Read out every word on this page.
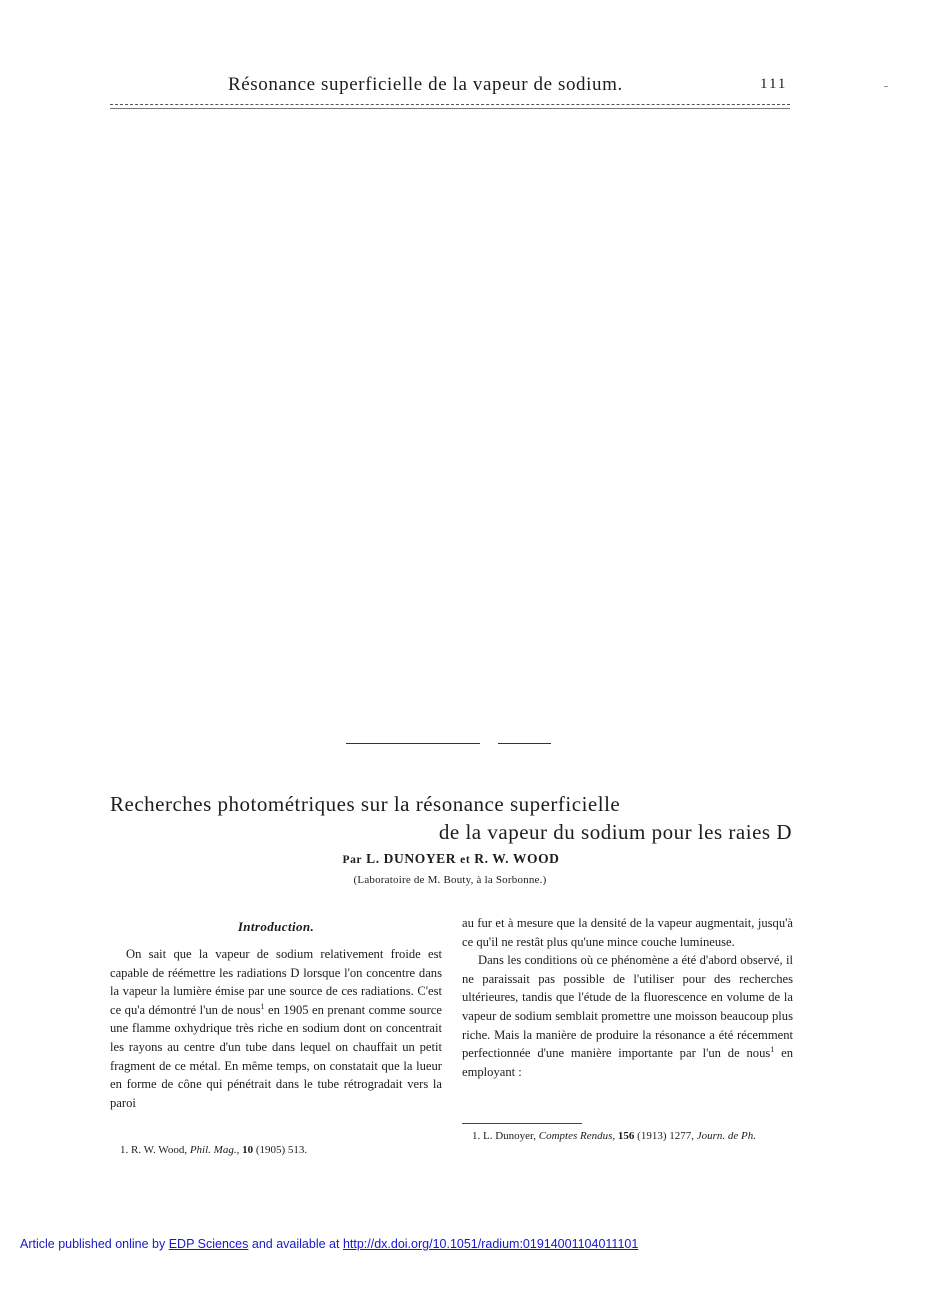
Résonance superficielle de la vapeur de sodium.	111	ˉ
Recherches photométriques sur la résonance superficielle
de la vapeur du sodium pour les raies D
Par L. DUNOYER et R. W. WOOD
(Laboratoire de M. Bouty, à la Sorbonne.)
Introduction.

On sait que la vapeur de sodium relativement froide est capable de réémettre les radiations D lorsque l'on concentre dans la vapeur la lumière émise par une source de ces radiations. C'est ce qu'a démontré l'un de nous$^1$ en 1905 en prenant comme source une flamme oxhydrique très riche en sodium dont on concentrait les rayons au centre d'un tube dans lequel on chauffait un petit fragment de ce métal. En même temps, on constatait que la lueur en forme de cône qui pénétrait dans le tube rétrogradait vers la paroi

1. R. W. Wood, Phil. Mag., 10 (1905) 513.

au fur et à mesure que la densité de la vapeur augmentait, jusqu'à ce qu'il ne restât plus qu'une mince couche lumineuse.

Dans les conditions où ce phénomène a été d'abord observé, il ne paraissait pas possible de l'utiliser pour des recherches ultérieures, tandis que l'étude de la fluorescence en volume de la vapeur de sodium semblait promettre une moisson beaucoup plus riche. Mais la manière de produire la résonance a été récemment perfectionnée d'une manière importante par l'un de nous$^1$ en employant :

1. L. Dunoyer, Comptes Rendus, 156 (1913) 1277, Journ. de Ph.
Article published online by EDP Sciences and available at http://dx.doi.org/10.1051/radium:01914001104011101
